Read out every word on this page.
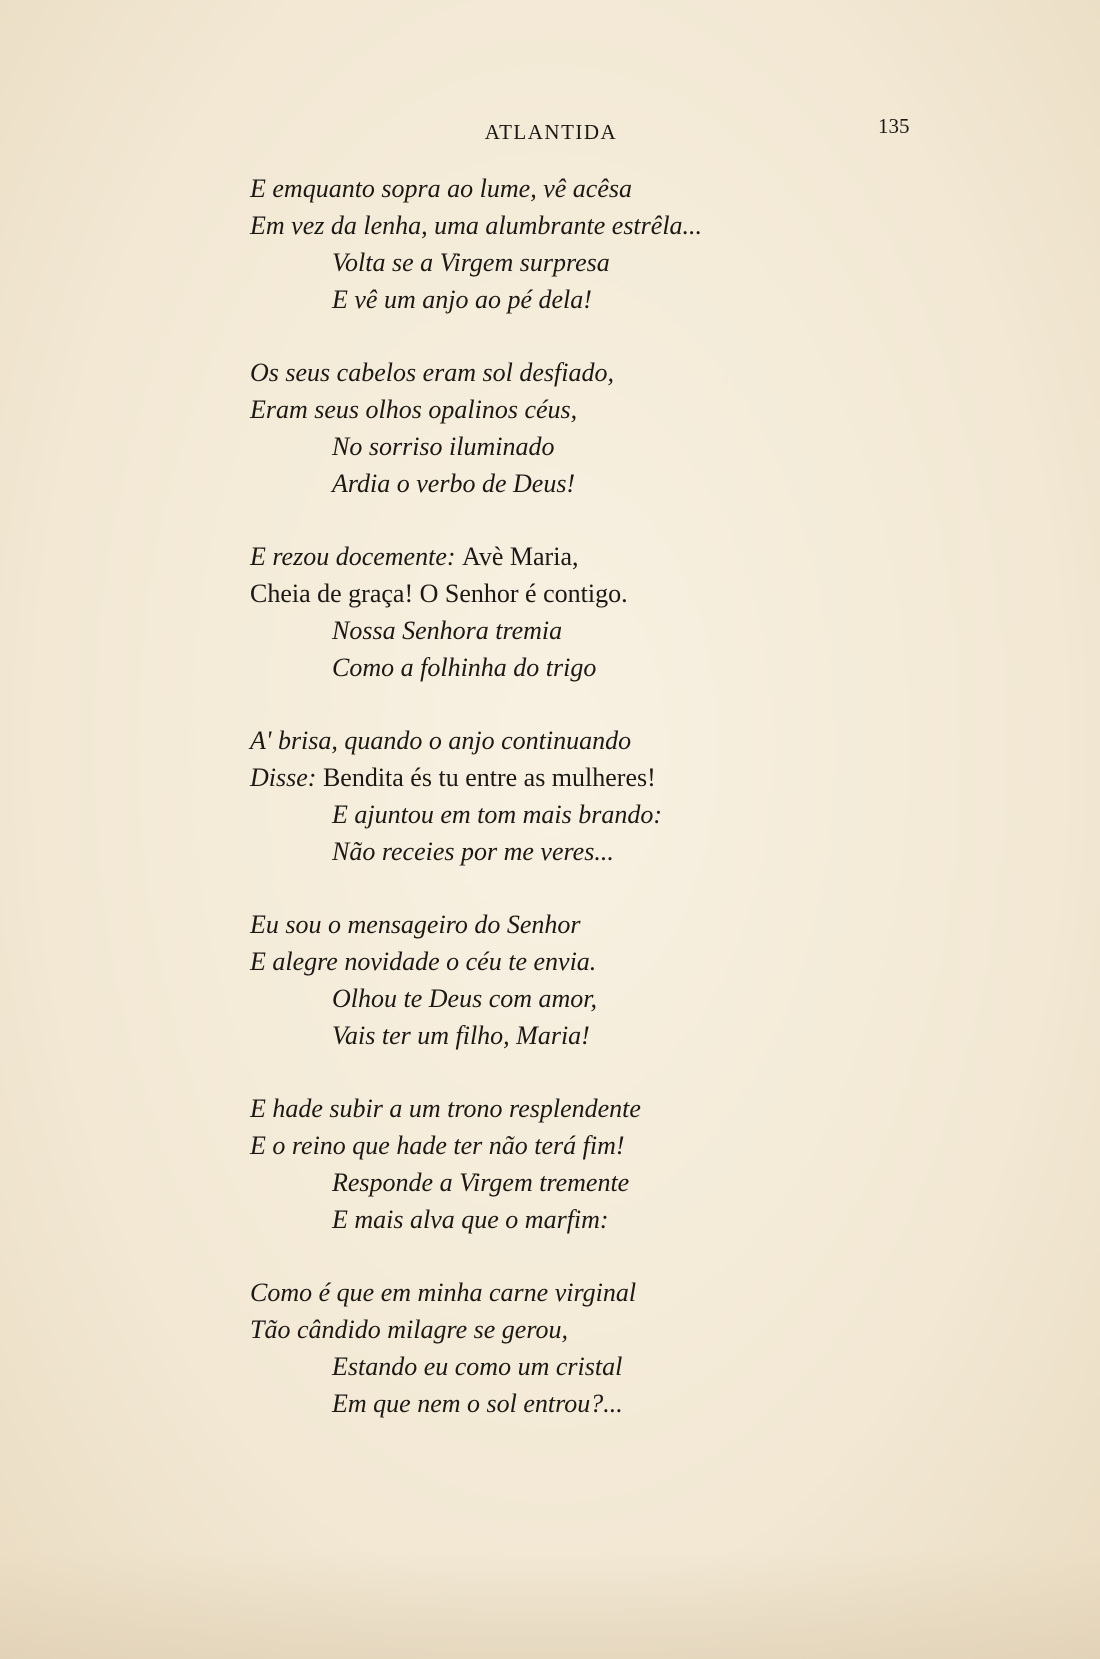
ATLANTIDA	135
E emquanto sopra ao lume, vê acêsa
Em vez da lenha, uma alumbrante estrêla...
Volta se a Virgem surpresa
E vê um anjo ao pé dela!
Os seus cabelos eram sol desfiado,
Eram seus olhos opalinos céus,
No sorriso iluminado
Ardia o verbo de Deus!
E rezou docemente: Avè Maria,
Cheia de graça! O Senhor é contigo.
Nossa Senhora tremia
Como a folhinha do trigo
A' brisa, quando o anjo continuando
Disse: Bendita és tu entre as mulheres!
E ajuntou em tom mais brando:
Não receies por me veres...
Eu sou o mensageiro do Senhor
E alegre novidade o céu te envia.
Olhou te Deus com amor,
Vais ter um filho, Maria!
E hade subir a um trono resplendente
E o reino que hade ter não terá fim!
Responde a Virgem tremente
E mais alva que o marfim:
Como é que em minha carne virginal
Tão cândido milagre se gerou,
Estando eu como um cristal
Em que nem o sol entrou?...
